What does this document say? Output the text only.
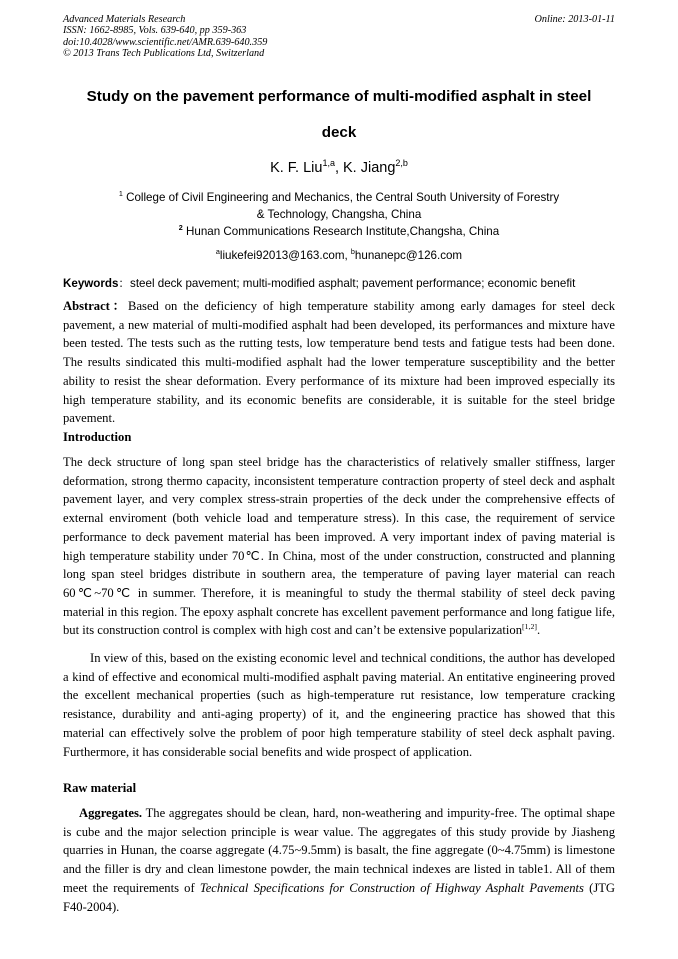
Advanced Materials Research
ISSN: 1662-8985, Vols. 639-640, pp 359-363
doi:10.4028/www.scientific.net/AMR.639-640.359
© 2013 Trans Tech Publications Ltd, Switzerland
Online: 2013-01-11
Study on the pavement performance of multi-modified asphalt in steel
deck
K. F. Liu$^{1,a}$, K. Jiang$^{2,b}$
$^1$ College of Civil Engineering and Mechanics, the Central South University of Forestry
& Technology, Changsha, China
$^2$ Hunan Communications Research Institute,Changsha, China
$^a$liukefei92013@163.com, $^b$hunanepc@126.com
Keywords：steel deck pavement; multi-modified asphalt; pavement performance; economic benefit
Abstract：Based on the deficiency of high temperature stability among early damages for steel deck pavement, a new material of multi-modified asphalt had been developed, its performances and mixture have been tested. The tests such as the rutting tests, low temperature bend tests and fatigue tests had been done. The results sindicated this multi-modified asphalt had the lower temperature susceptibility and the better ability to resist the shear deformation. Every performance of its mixture had been improved especially its high temperature stability, and its economic benefits are considerable, it is suitable for the steel bridge pavement.
Introduction
The deck structure of long span steel bridge has the characteristics of relatively smaller stiffness, larger deformation, strong thermo capacity, inconsistent temperature contraction property of steel deck and asphalt pavement layer, and very complex stress-strain properties of the deck under the comprehensive effects of external enviroment (both vehicle load and temperature stress). In this case, the requirement of service performance to deck pavement material has been improved. A very important index of paving material is high temperature stability under 70℃. In China, most of the under construction, constructed and planning long span steel bridges distribute in southern area, the temperature of paving layer material can reach 60℃~70℃ in summer. Therefore, it is meaningful to study the thermal stability of steel deck paving material in this region. The epoxy asphalt concrete has excellent pavement performance and long fatigue life, but its construction control is complex with high cost and can’t be extensive popularization[1,2].
In view of this, based on the existing economic level and technical conditions, the author has developed a kind of effective and economical multi-modified asphalt paving material. An entitative engineering proved the excellent mechanical properties (such as high-temperature rut resistance, low temperature cracking resistance, durability and anti-aging property) of it, and the engineering practice has showed that this material can effectively solve the problem of poor high temperature stability of steel deck asphalt paving. Furthermore, it has considerable social benefits and wide prospect of application.
Raw material
Aggregates. The aggregates should be clean, hard, non-weathering and impurity-free. The optimal shape is cube and the major selection principle is wear value. The aggregates of this study provide by Jiasheng quarries in Hunan, the coarse aggregate (4.75~9.5mm) is basalt, the fine aggregate (0~4.75mm) is limestone and the filler is dry and clean limestone powder, the main technical indexes are listed in table1. All of them meet the requirements of Technical Specifications for Construction of Highway Asphalt Pavements (JTG F40-2004).
